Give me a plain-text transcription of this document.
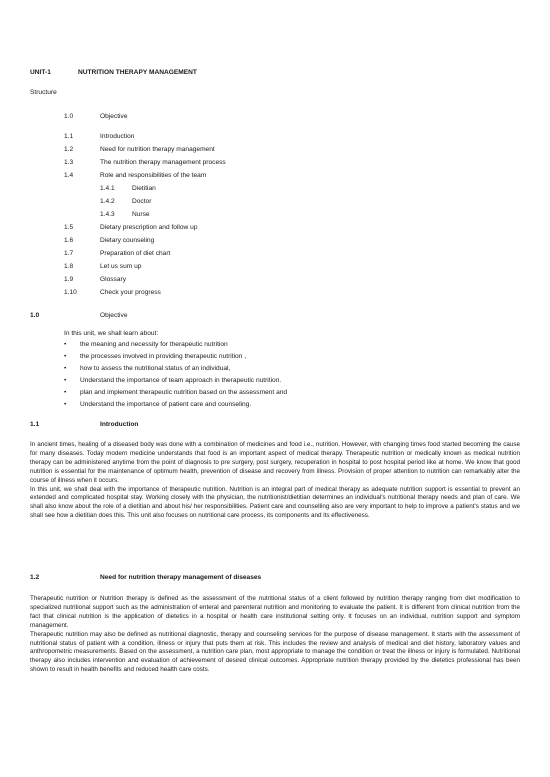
UNIT-1	NUTRITION THERAPY MANAGEMENT
Structure
1.0	Objective
1.1	Introduction
1.2	Need for nutrition therapy management
1.3	The nutrition therapy management process
1.4	Role and responsibilities of the team
1.4.1	Dietitian
1.4.2	Doctor
1.4.3	Nurse
1.5	Dietary prescription and follow up
1.6	Dietary counseling
1.7	Preparation of diet chart
1.8	Let us sum up
1.9	Glossary
1.10	Check your progress
1.0	Objective
In this unit, we shall learn about:
• the meaning and necessity for therapeutic nutrition
• the processes involved in providing therapeutic nutrition ,
• how to assess the nutritional status of an individual,
• Understand the importance of team approach in therapeutic nutrition.
• plan and implement therapeutic nutrition based on the assessment and
• Understand the importance of patient care and counseling.
1.1	Introduction

In ancient times, healing of a diseased body was done with a combination of medicines and food i.e., nutrition. However, with changing times food started becoming the cause for many diseases. Today modern medicine understands that food is an important aspect of medical therapy. Therapeutic nutrition or medically known as medical nutrition therapy can be administered anytime from the point of diagnosis to pre surgery, post surgery, recuperation in hospital to post hospital period like at home. We know that good nutrition is essential for the maintenance of optimum health, prevention of disease and recovery from illness. Provision of proper attention to nutrition can remarkably alter the course of illness when it occurs.

In this unit, we shall deal with the importance of therapeutic nutrition. Nutrition is an integral part of medical therapy as adequate nutrition support is essential to prevent an extended and complicated hospital stay. Working closely with the physician, the nutritionist/dietitian determines an individual's nutritional therapy needs and plan of care. We shall also know about the role of a dietitian and about his/ her responsibilities. Patient care and counselling also are very important to help to improve a patient's status and we shall see how a dietitian does this. This unit also focuses on nutritional care process, its components and its effectiveness.

1.2	Need for nutrition therapy management of diseases

Therapeutic nutrition or Nutrition therapy is defined as the assessment of the nutritional status of a client followed by nutrition therapy ranging from diet modification to specialized nutritional support such as the administration of enteral and parenteral nutrition and monitoring to evaluate the patient. It is different from clinical nutrition from the fact that clinical nutrition is the application of dietetics in a hospital or health care institutional setting only. It focuses on an individual, nutrition support and symptom management.

Therapeutic nutrition may also be defined as nutritional diagnostic, therapy and counseling services for the purpose of disease management. It starts with the assessment of nutritional status of patient with a condition, illness or injury that puts them at risk. This includes the review and analysis of medical and diet history, laboratory values and anthropometric measurements. Based on the assessment, a nutrition care plan, most appropriate to manage the condition or treat the illness or injury is formulated. Nutritional therapy also includes intervention and evaluation of achievement of desired clinical outcomes. Appropriate nutrition therapy provided by the dietetics professional has been shown to result in health benefits and reduced health care costs.
